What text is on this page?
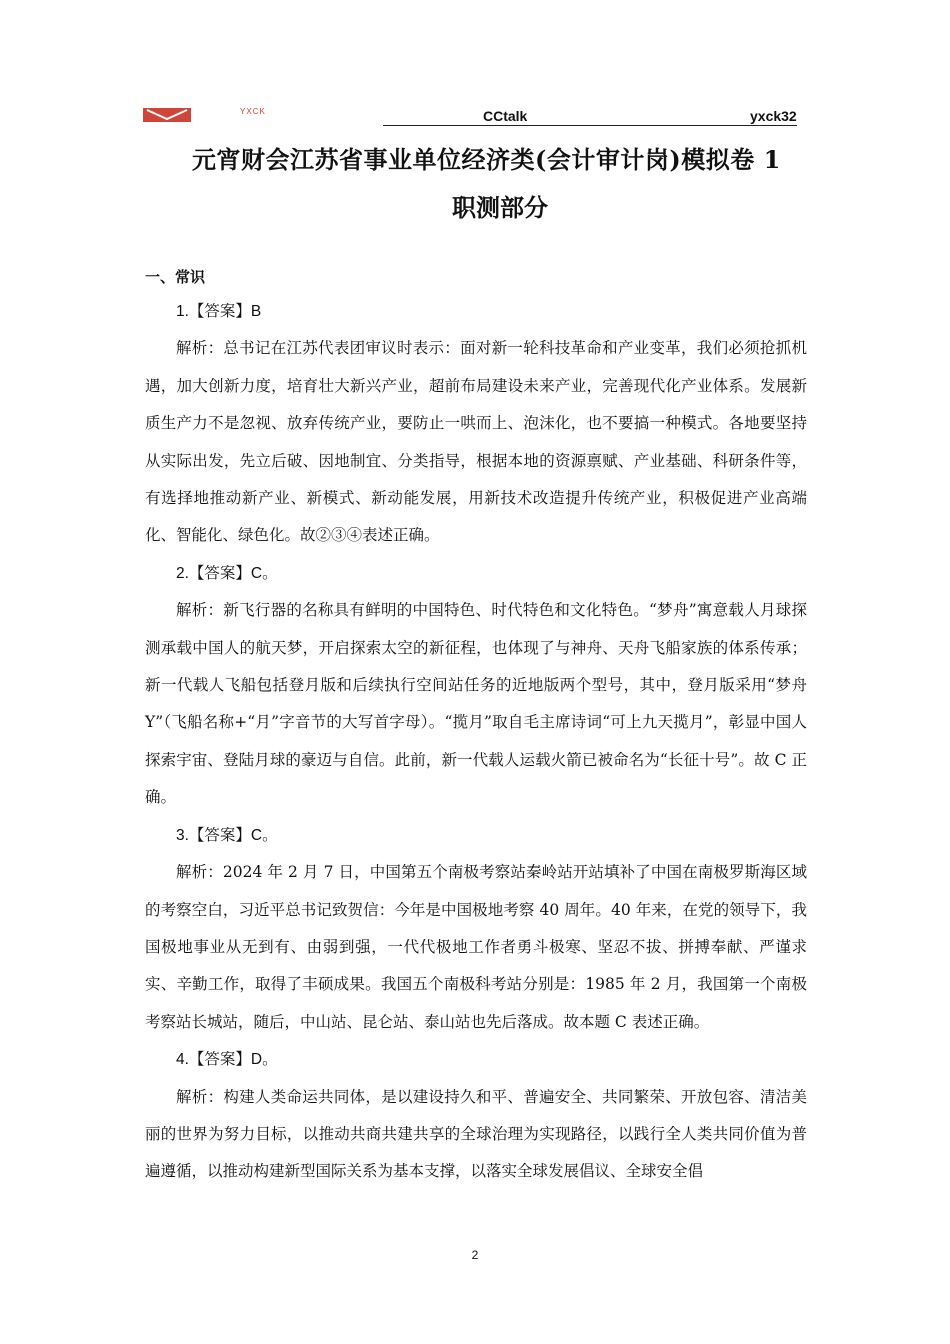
YXCK	CCtalk	yxck32
元宵财会江苏省事业单位经济类(会计审计岗)模拟卷 1
职测部分
一、常识

1.【答案】B

解析：总书记在江苏代表团审议时表示：面对新一轮科技革命和产业变革，我们必须抢抓机遇，加大创新力度，培育壮大新兴产业，超前布局建设未来产业，完善现代化产业体系。发展新质生产力不是忽视、放弃传统产业，要防止一哄而上、泡沫化，也不要搞一种模式。各地要坚持从实际出发，先立后破、因地制宜、分类指导，根据本地的资源禀赋、产业基础、科研条件等，有选择地推动新产业、新模式、新动能发展，用新技术改造提升传统产业，积极促进产业高端化、智能化、绿色化。故②③④表述正确。

2.【答案】C。

解析：新飞行器的名称具有鲜明的中国特色、时代特色和文化特色。“梦舟”寓意载人月球探测承载中国人的航天梦，开启探索太空的新征程，也体现了与神舟、天舟飞船家族的体系传承；新一代载人飞船包括登月版和后续执行空间站任务的近地版两个型号，其中，登月版采用“梦舟 Y”（飞船名称+“月”字音节的大写首字母）。“揽月”取自毛主席诗词“可上九天揽月”，彰显中国人探索宇宙、登陆月球的豪迈与自信。此前，新一代载人运载火箭已被命名为“长征十号”。故 C 正确。

3.【答案】C。

解析：2024 年 2 月 7 日，中国第五个南极考察站秦岭站开站填补了中国在南极罗斯海区域的考察空白，习近平总书记致贺信：今年是中国极地考察 40 周年。40 年来，在党的领导下，我国极地事业从无到有、由弱到强，一代代极地工作者勇斗极寒、坚忍不拔、拼搏奉献、严谨求实、辛勤工作，取得了丰硕成果。我国五个南极科考站分别是：1985 年 2 月，我国第一个南极考察站长城站，随后，中山站、昆仑站、泰山站也先后落成。故本题 C 表述正确。

4.【答案】D。

解析：构建人类命运共同体，是以建设持久和平、普遍安全、共同繁荣、开放包容、清洁美丽的世界为努力目标，以推动共商共建共享的全球治理为实现路径，以践行全人类共同价值为普遍遵循，以推动构建新型国际关系为基本支撑，以落实全球发展倡议、全球安全倡

2
